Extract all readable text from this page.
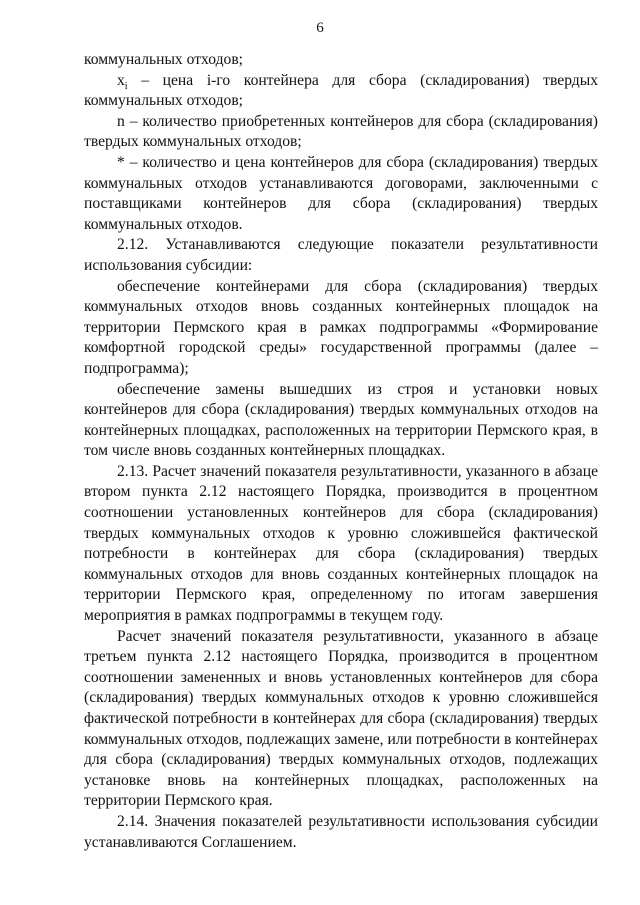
6

коммунальных отходов;

$x_i$ – цена i-го контейнера для сбора (складирования) твердых коммунальных отходов;

n – количество приобретенных контейнеров для сбора (складирования) твердых коммунальных отходов;

* – количество и цена контейнеров для сбора (складирования) твердых коммунальных отходов устанавливаются договорами, заключенными с поставщиками контейнеров для сбора (складирования) твердых коммунальных отходов.

2.12. Устанавливаются следующие показатели результативности использования субсидии:

обеспечение контейнерами для сбора (складирования) твердых коммунальных отходов вновь созданных контейнерных площадок на территории Пермского края в рамках подпрограммы «Формирование комфортной городской среды» государственной программы (далее – подпрограмма);

обеспечение замены вышедших из строя и установки новых контейнеров для сбора (складирования) твердых коммунальных отходов на контейнерных площадках, расположенных на территории Пермского края, в том числе вновь созданных контейнерных площадках.

2.13. Расчет значений показателя результативности, указанного в абзаце втором пункта 2.12 настоящего Порядка, производится в процентном соотношении установленных контейнеров для сбора (складирования) твердых коммунальных отходов к уровню сложившейся фактической потребности в контейнерах для сбора (складирования) твердых коммунальных отходов для вновь созданных контейнерных площадок на территории Пермского края, определенному по итогам завершения мероприятия в рамках подпрограммы в текущем году.

Расчет значений показателя результативности, указанного в абзаце третьем пункта 2.12 настоящего Порядка, производится в процентном соотношении замененных и вновь установленных контейнеров для сбора (складирования) твердых коммунальных отходов к уровню сложившейся фактической потребности в контейнерах для сбора (складирования) твердых коммунальных отходов, подлежащих замене, или потребности в контейнерах для сбора (складирования) твердых коммунальных отходов, подлежащих установке вновь на контейнерных площадках, расположенных на территории Пермского края.

2.14. Значения показателей результативности использования субсидии устанавливаются Соглашением.
